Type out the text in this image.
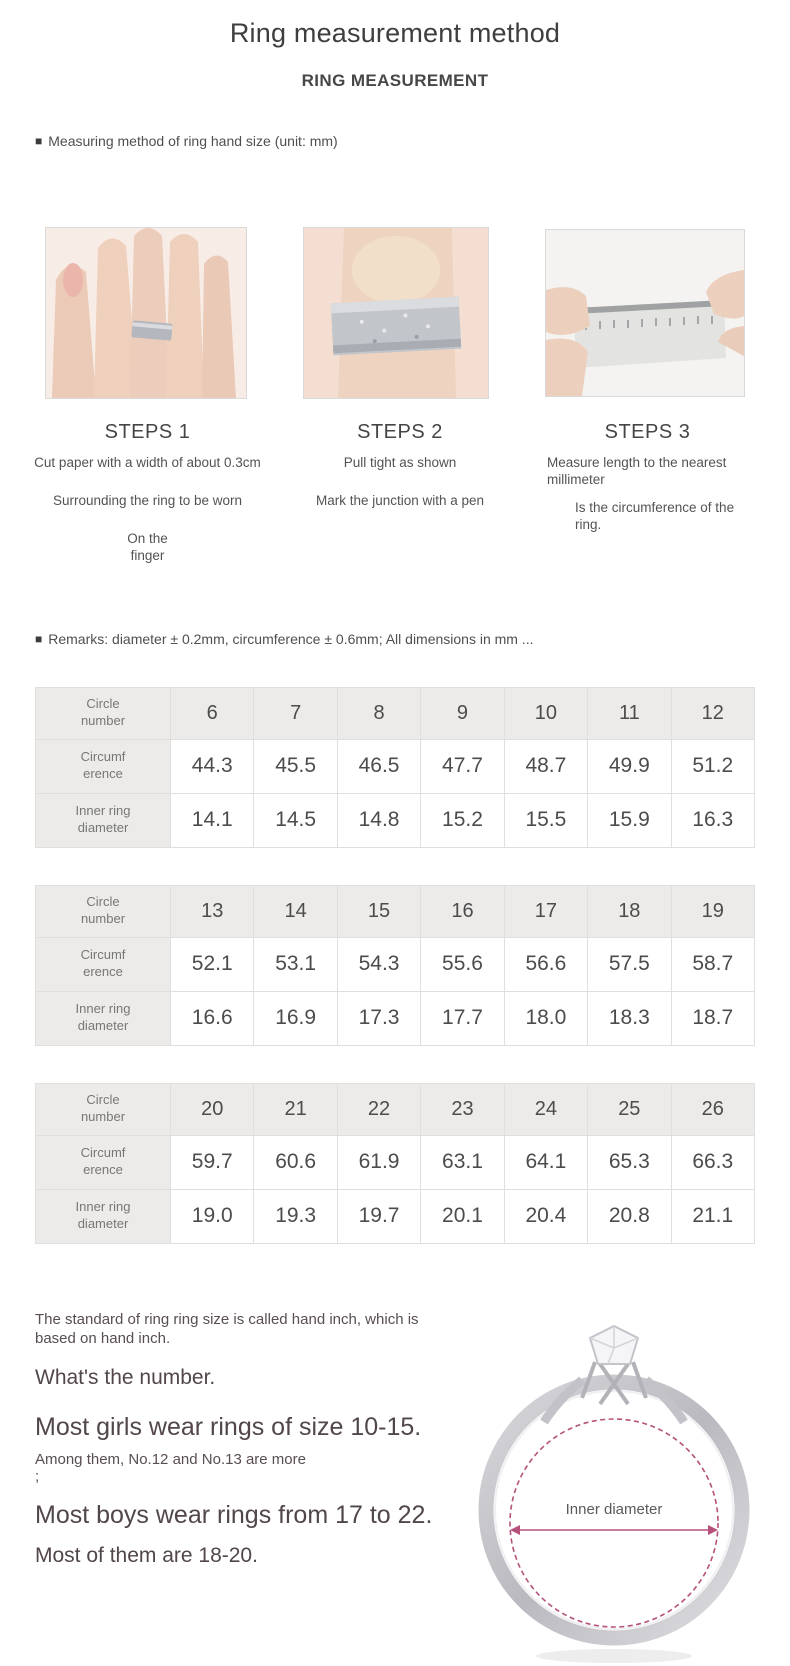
Ring measurement method
RING MEASUREMENT
■ Measuring method of ring hand size (unit: mm)
STEPS 1
Cut paper with a width of about 0.3cm
Surrounding the ring to be worn
On the finger
STEPS 2
Pull tight as shown
Mark the junction with a pen
STEPS 3
Measure length to the nearest millimeter
Is the circumference of the ring.
■ Remarks: diameter ± 0.2mm, circumference ± 0.6mm; All dimensions in mm ...
Circle
number	6	7	8	9	10	11	12

Circumf
erence	44.3	45.5	46.5	47.7	48.7	49.9	51.2

Inner ring
diameter	14.1	14.5	14.8	15.2	15.5	15.9	16.3
Circle
number	13	14	15	16	17	18	19

Circumf
erence	52.1	53.1	54.3	55.6	56.6	57.5	58.7

Inner ring
diameter	16.6	16.9	17.3	17.7	18.0	18.3	18.7
Circle
number	20	21	22	23	24	25	26

Circumf
erence	59.7	60.6	61.9	63.1	64.1	65.3	66.3

Inner ring
diameter	19.0	19.3	19.7	20.1	20.4	20.8	21.1
The standard of ring ring size is called hand inch, which is based on hand inch.
What's the number.
Most girls wear rings of size 10-15.
Among them, No.12 and No.13 are more
;
Most boys wear rings from 17 to 22.
Most of them are 18-20.
Inner diameter
